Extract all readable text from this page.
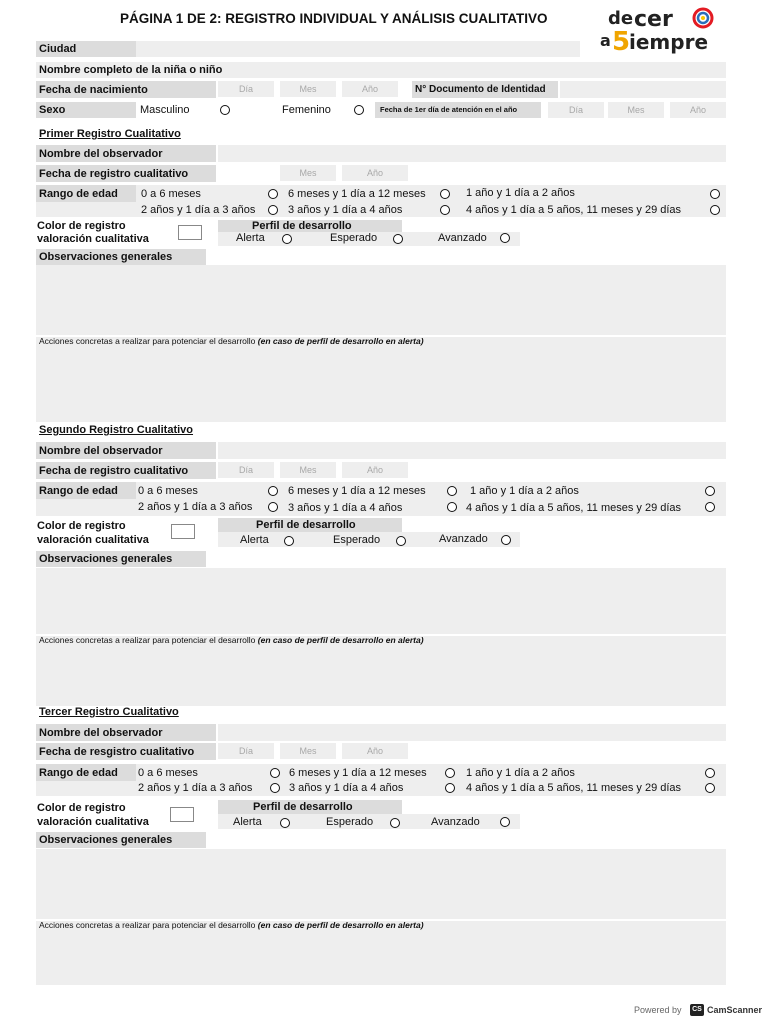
PÁGINA 1 DE 2: REGISTRO INDIVIDUAL Y ANÁLISIS CUALITATIVO	de cer
a 5
iempre
Ciudad
Nombre completo de la niña o niño
Fecha de nacimiento	Día	Mes	Año	N° Documento de Identidad
Sexo	Masculino	Femenino	Fecha de 1er día de atención en el año	Día	Mes	Año
Primer Registro Cualitativo
Nombre del observador
Fecha de registro cualitativo	Mes	Año
Rango de edad 0 a 6 meses	6 meses y 1 día a 12 meses	1 año y 1 día a 2 años
2 años y 1 día a 3 años	3 años y 1 día a 4 años	4 años y 1 día a 5 años, 11 meses y 29 días
Color de registro
valoración cualitativa
Perfil de desarrollo
Alerta	Esperado	Avanzado
Observaciones generales
Acciones concretas a realizar para potenciar el desarrollo (en caso de perfil de desarrollo en alerta)
Segundo Registro Cualitativo
Nombre del observador
Fecha de registro cualitativo	Día	Mes	Año
Rango de edad 0 a 6 meses	6 meses y 1 día a 12 meses	1 año y 1 día a 2 años
2 años y 1 día a 3 años	3 años y 1 día a 4 años	4 años y 1 día a 5 años, 11 meses y 29 días
Color de registro
valoración cualitativa
Perfil de desarrollo
Alerta	Esperado	Avanzado
Observaciones generales
Acciones concretas a realizar para potenciar el desarrollo (en caso de perfil de desarrollo en alerta)
Tercer Registro Cualitativo
Nombre del observador
Fecha de resgistro cualitativo	Día	Mes	Año
Rango de edad 0 a 6 meses	6 meses y 1 día a 12 meses	1 año y 1 día a 2 años
2 años y 1 día a 3 años	3 años y 1 día a 4 años	4 años y 1 día a 5 años, 11 meses y 29 días
Color de registro
valoración cualitativa
Perfil de desarrollo
Alerta	Esperado	Avanzado
Observaciones generales
Acciones concretas a realizar para potenciar el desarrollo (en caso de perfil de desarrollo en alerta)
Powered by	CS CamScanner
